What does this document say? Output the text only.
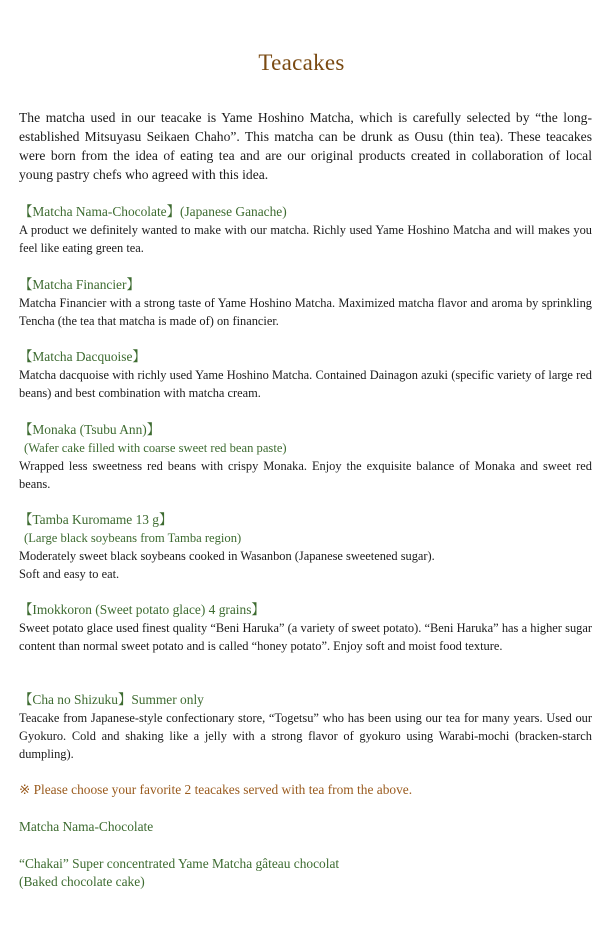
Teacakes
The matcha used in our teacake is Yame Hoshino Matcha, which is carefully selected by “the long- established Mitsuyasu Seikaen Chaho”. This matcha can be drunk as Ousu (thin tea). These teacakes were born from the idea of eating tea and are our original products created in collaboration of local young pastry chefs who agreed with this idea.

【Matcha Nama-Chocolate】(Japanese Ganache)

A product we definitely wanted to make with our matcha. Richly used Yame Hoshino Matcha and will makes you feel like eating green tea.

【Matcha Financier】

Matcha Financier with a strong taste of Yame Hoshino Matcha. Maximized matcha flavor and aroma by sprinkling Tencha (the tea that matcha is made of) on financier.

【Matcha Dacquoise】

Matcha dacquoise with richly used Yame Hoshino Matcha. Contained Dainagon azuki (specific variety of large red beans) and best combination with matcha cream.

【Monaka (Tsubu Ann)】

(Wafer cake filled with coarse sweet red bean paste)

Wrapped less sweetness red beans with crispy Monaka. Enjoy the exquisite balance of Monaka and sweet red beans.

【Tamba Kuromame 13 g】

(Large black soybeans from Tamba region)

Moderately sweet black soybeans cooked in Wasanbon (Japanese sweetened sugar).
Soft and easy to eat.

【Imokkoron (Sweet potato glace) 4 grains】

Sweet potato glace used finest quality “Beni Haruka” (a variety of sweet potato). “Beni Haruka” has a higher sugar content than normal sweet potato and is called “honey potato”. Enjoy soft and moist food texture.

【Cha no Shizuku】Summer only

Teacake from Japanese-style confectionary store, “Togetsu” who has been using our tea for many years. Used our Gyokuro. Cold and shaking like a jelly with a strong flavor of gyokuro using Warabi-mochi (bracken-starch dumpling).

※ Please choose your favorite 2 teacakes served with tea from the above.
Matcha Nama-Chocolate
“Chakai” Super concentrated Yame Matcha gâteau chocolat
(Baked chocolate cake)
